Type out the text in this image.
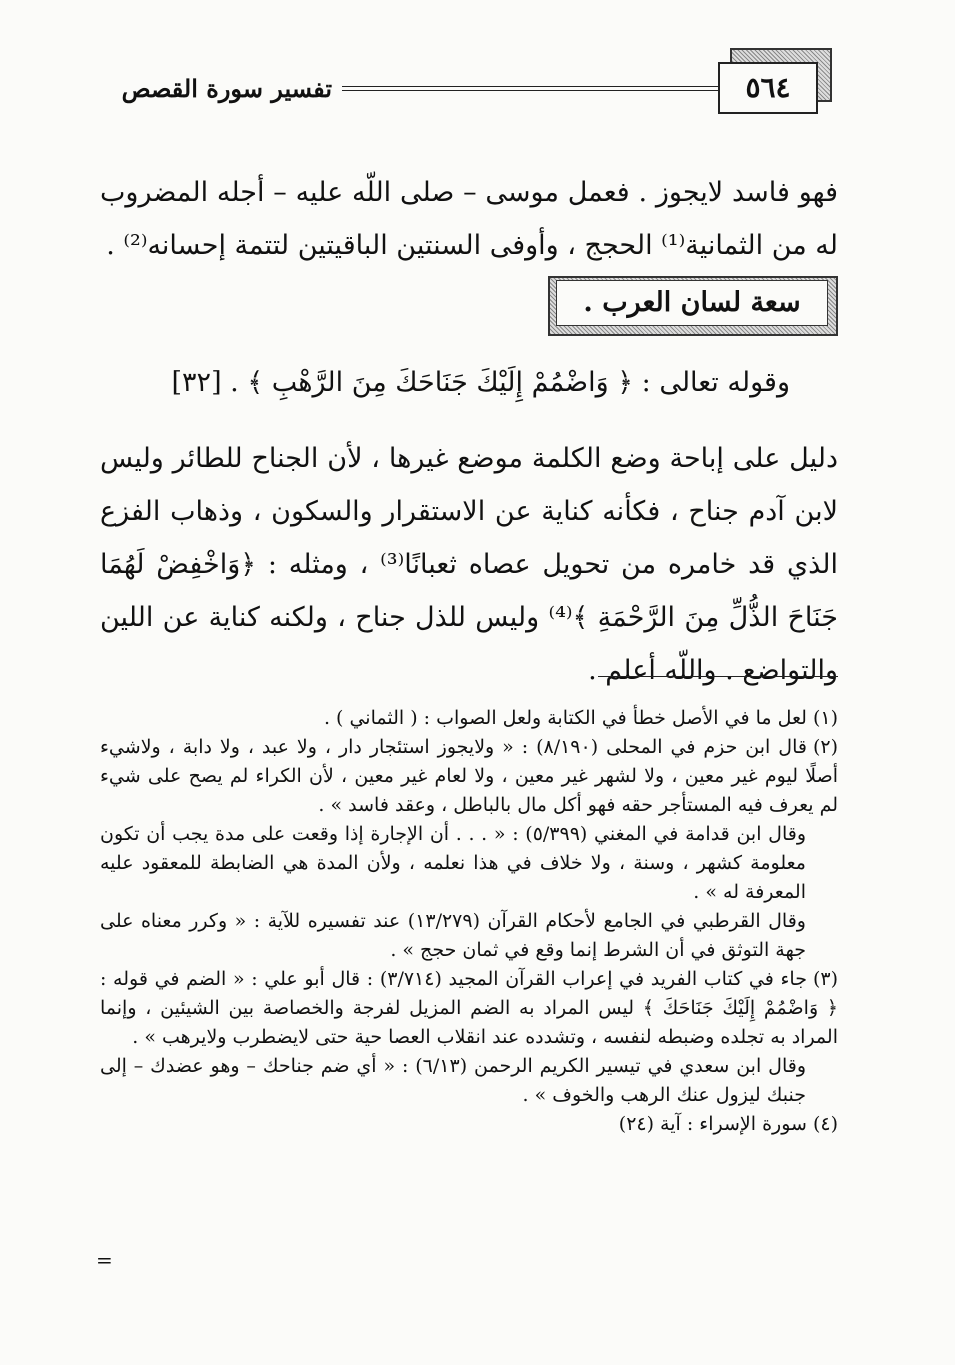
٥٦٤
تفسير سورة القصص
فهو فاسد لايجوز . فعمل موسى – صلى اللّه عليه – أجله المضروب له من الثمانية⁽¹⁾ الحجج ، وأوفى السنتين الباقيتين لتتمة إحسانه⁽²⁾ .
سعة لسان العرب .
وقوله تعالى : ﴿ وَاضْمُمْ إِلَيْكَ جَنَاحَكَ مِنَ الرَّهْبِ ﴾ . [٣٢]
دليل على إباحة وضع الكلمة موضع غيرها ، لأن الجناح للطائر وليس لابن آدم جناح ، فكأنه كناية عن الاستقرار والسكون ، وذهاب الفزع الذي قد خامره من تحويل عصاه ثعبانًا⁽³⁾ ، ومثله : ﴿وَاخْفِضْ لَهُمَا جَنَاحَ الذُّلِّ مِنَ الرَّحْمَةِ ﴾⁽⁴⁾ وليس للذل جناح ، ولكنه كناية عن اللين والتواضع . واللّه أعلم .
(١)لعل ما في الأصل خطأ في الكتابة ولعل الصواب : ( الثماني ) .
(٢)قال ابن حزم في المحلى (٨/١٩٠) : « ولايجوز استئجار دار ، ولا عبد ، ولا دابة ، ولاشيء أصلًا ليوم غير معين ، ولا لشهر غير معين ، ولا لعام غير معين ، لأن الكراء لم يصح على شيء لم يعرف فيه المستأجر حقه فهو أكل مال بالباطل ، وعقد فاسد » .
وقال ابن قدامة في المغني (٥/٣٩٩) : « . . . أن الإجارة إذا وقعت على مدة يجب أن تكون معلومة كشهر ، وسنة ، ولا خلاف في هذا نعلمه ، ولأن المدة هي الضابطة للمعقود عليه المعرفة له » .
وقال القرطبي في الجامع لأحكام القرآن (١٣/٢٧٩) عند تفسيره للآية : « وكرر معناه على جهة التوثق في أن الشرط إنما وقع في ثمان حجج » .
(٣)جاء في كتاب الفريد في إعراب القرآن المجيد (٣/٧١٤) : قال أبو علي : « الضم في قوله : ﴿ وَاضْمُمْ إِلَيْكَ جَنَاحَكَ ﴾ ليس المراد به الضم المزيل لفرجة والخصاصة بين الشيئين ، وإنما المراد به تجلده وضبطه لنفسه ، وتشدده عند انقلاب العصا حية حتى لايضطرب ولايرهب » .
وقال ابن سعدي في تيسير الكريم الرحمن (٦/١٣) : « أي ضم جناحك – وهو عضدك – إلى جنبك ليزول عنك الرهب والخوف » .
(٤)سورة الإسراء : آية (٢٤)
=
